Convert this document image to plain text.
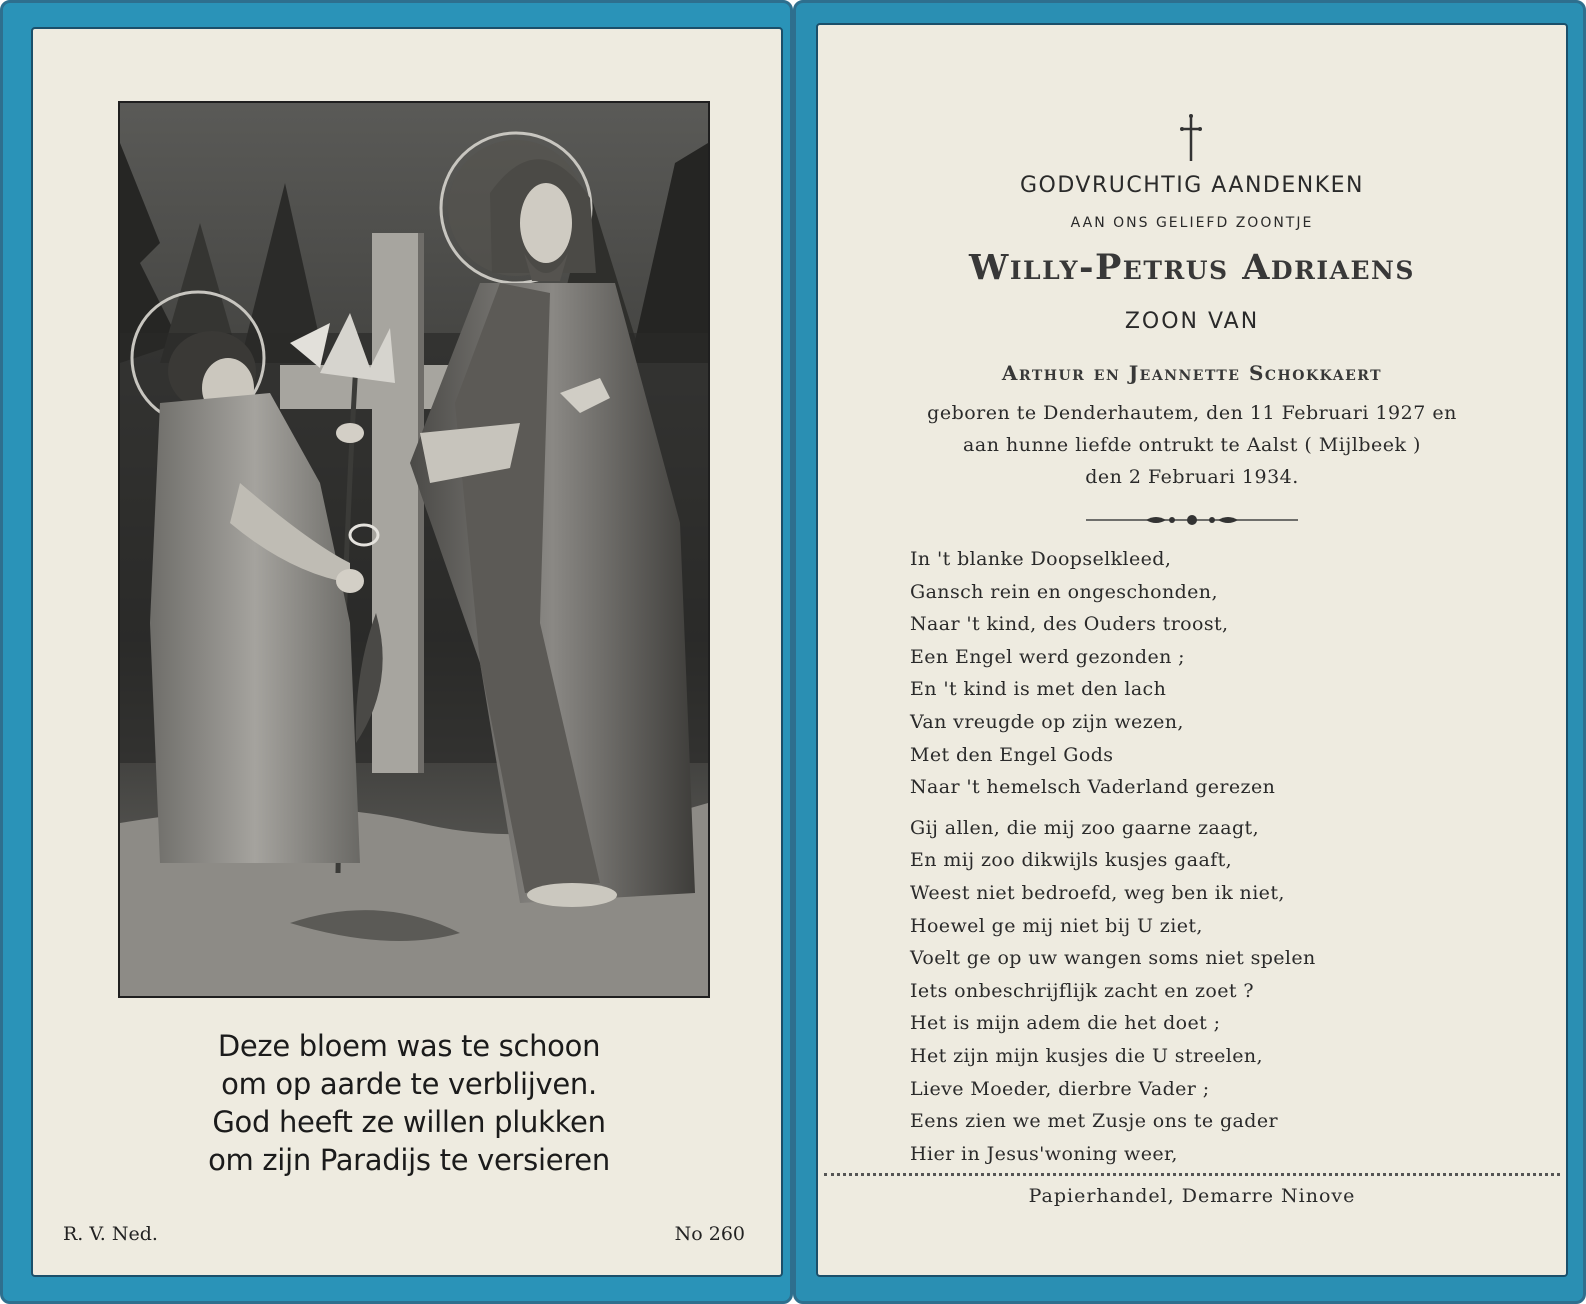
Deze bloem was te schoon
om op aarde te verblijven.
God heeft ze willen plukken
om zijn Paradijs te versieren
R. V. Ned.	No 260
GODVRUCHTIG AANDENKEN
AAN ONS GELIEFD ZOONTJE
Willy-Petrus Adriaens
ZOON VAN
Arthur en Jeannette Schokkaert
geboren te Denderhautem, den 11 Februari 1927 en
aan hunne liefde ontrukt te Aalst ( Mijlbeek )
den 2 Februari 1934.
In 't blanke Doopselkleed,
Gansch rein en ongeschonden,
Naar 't kind, des Ouders troost,
Een Engel werd gezonden ;
En 't kind is met den lach
Van vreugde op zijn wezen,
Met den Engel Gods
Naar 't hemelsch Vaderland gerezen
Gij allen, die mij zoo gaarne zaagt,
En mij zoo dikwijls kusjes gaaft,
Weest niet bedroefd, weg ben ik niet,
Hoewel ge mij niet bij U ziet,
Voelt ge op uw wangen soms niet spelen
Iets onbeschrijflijk zacht en zoet ?
Het is mijn adem die het doet ;
Het zijn mijn kusjes die U streelen,
Lieve Moeder, dierbre Vader ;
Eens zien we met Zusje ons te gader
Hier in Jesus'woning weer,
Papierhandel, Demarre Ninove
